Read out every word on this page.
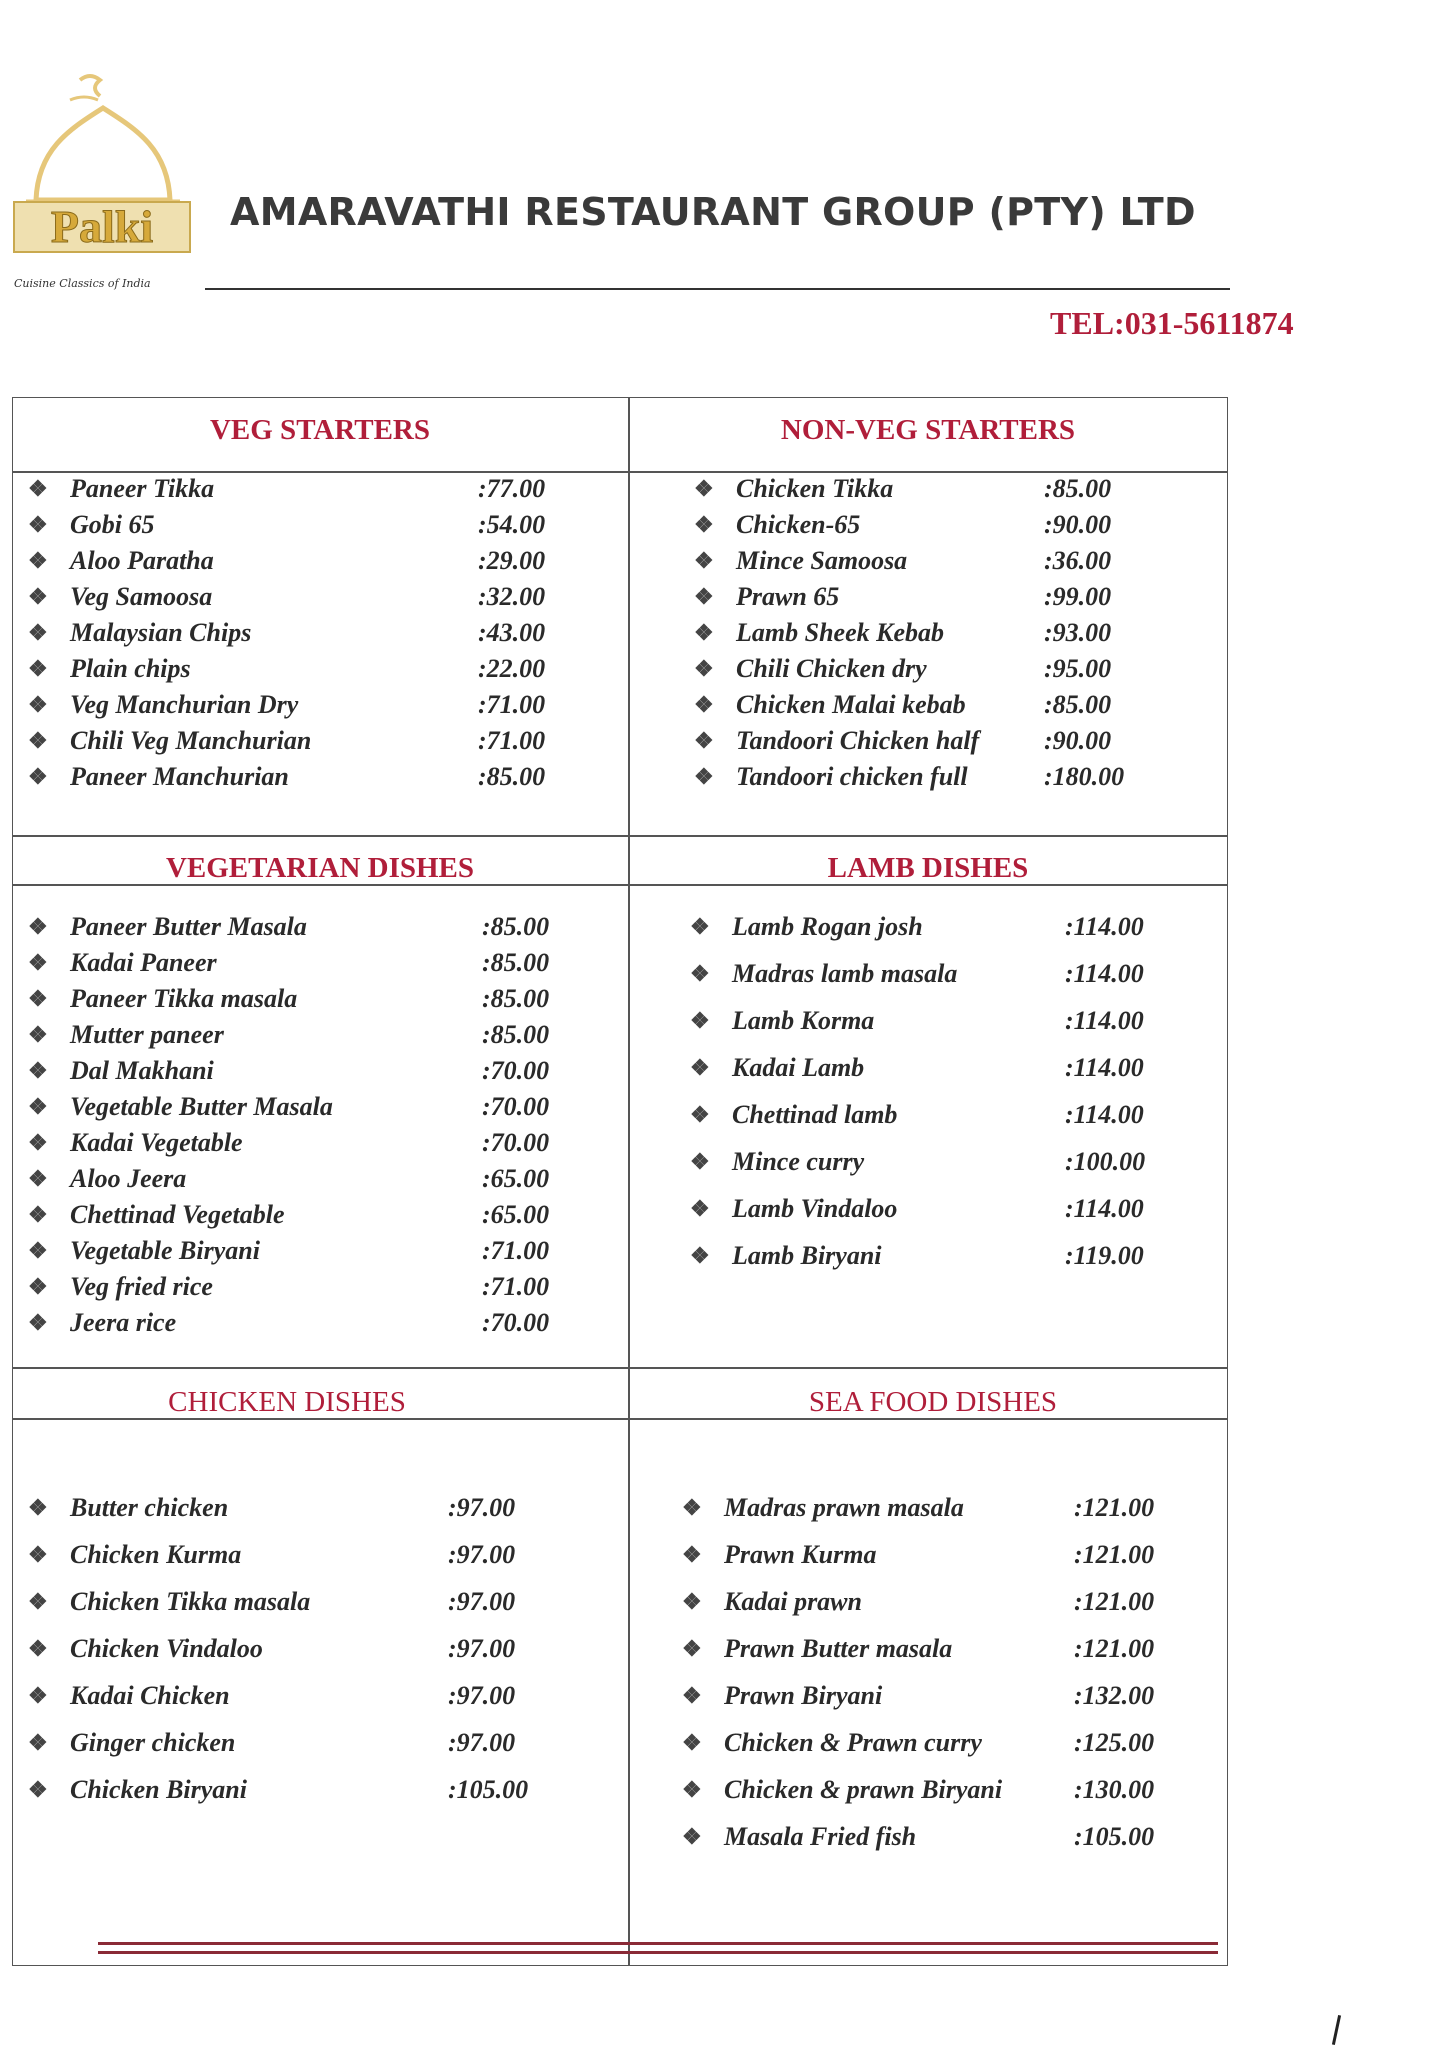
Palki
Cuisine Classics of India
AMARAVATHI RESTAURANT GROUP (PTY) LTD
TEL:031-5611874
VEG STARTERS	NON-VEG STARTERS
VEGETARIAN DISHES	LAMB DISHES
CHICKEN DISHES	SEA FOOD DISHES
❖ Paneer Tikka	:77.00
❖ Gobi 65	:54.00
❖ Aloo Paratha	:29.00
❖ Veg Samoosa	:32.00
❖ Malaysian Chips	:43.00
❖ Plain chips	:22.00
❖ Veg Manchurian Dry	:71.00
❖ Chili Veg Manchurian	:71.00
❖ Paneer Manchurian	:85.00
❖ Chicken Tikka	:85.00
❖ Chicken-65	:90.00
❖ Mince Samoosa	:36.00
❖ Prawn 65	:99.00
❖ Lamb Sheek Kebab	:93.00
❖ Chili Chicken dry	:95.00
❖ Chicken Malai kebab	:85.00
❖ Tandoori Chicken half :90.00
❖ Tandoori chicken full	:180.00
❖ Paneer Butter Masala	:85.00
❖ Kadai Paneer	:85.00
❖ Paneer Tikka masala	:85.00
❖ Mutter paneer	:85.00
❖ Dal Makhani	:70.00
❖ Vegetable Butter Masala	:70.00
❖ Kadai Vegetable	:70.00
❖ Aloo Jeera	:65.00
❖ Chettinad Vegetable	:65.00
❖ Vegetable Biryani	:71.00
❖ Veg fried rice	:71.00
❖ Jeera rice	:70.00
❖ Lamb Rogan josh	:114.00
❖ Madras lamb masala	:114.00
❖ Lamb Korma	:114.00
❖ Kadai Lamb	:114.00
❖ Chettinad lamb	:114.00
❖ Mince curry	:100.00
❖ Lamb Vindaloo	:114.00
❖ Lamb Biryani	:119.00
❖ Butter chicken	:97.00
❖ Chicken Kurma	:97.00
❖ Chicken Tikka masala	:97.00
❖ Chicken Vindaloo	:97.00
❖ Kadai Chicken	:97.00
❖ Ginger chicken	:97.00
❖ Chicken Biryani	:105.00
❖ Madras prawn masala	:121.00
❖ Prawn Kurma	:121.00
❖ Kadai prawn	:121.00
❖ Prawn Butter masala	:121.00
❖ Prawn Biryani	:132.00
❖ Chicken & Prawn curry	:125.00
❖ Chicken & prawn Biryani	:130.00
❖ Masala Fried fish	:105.00
